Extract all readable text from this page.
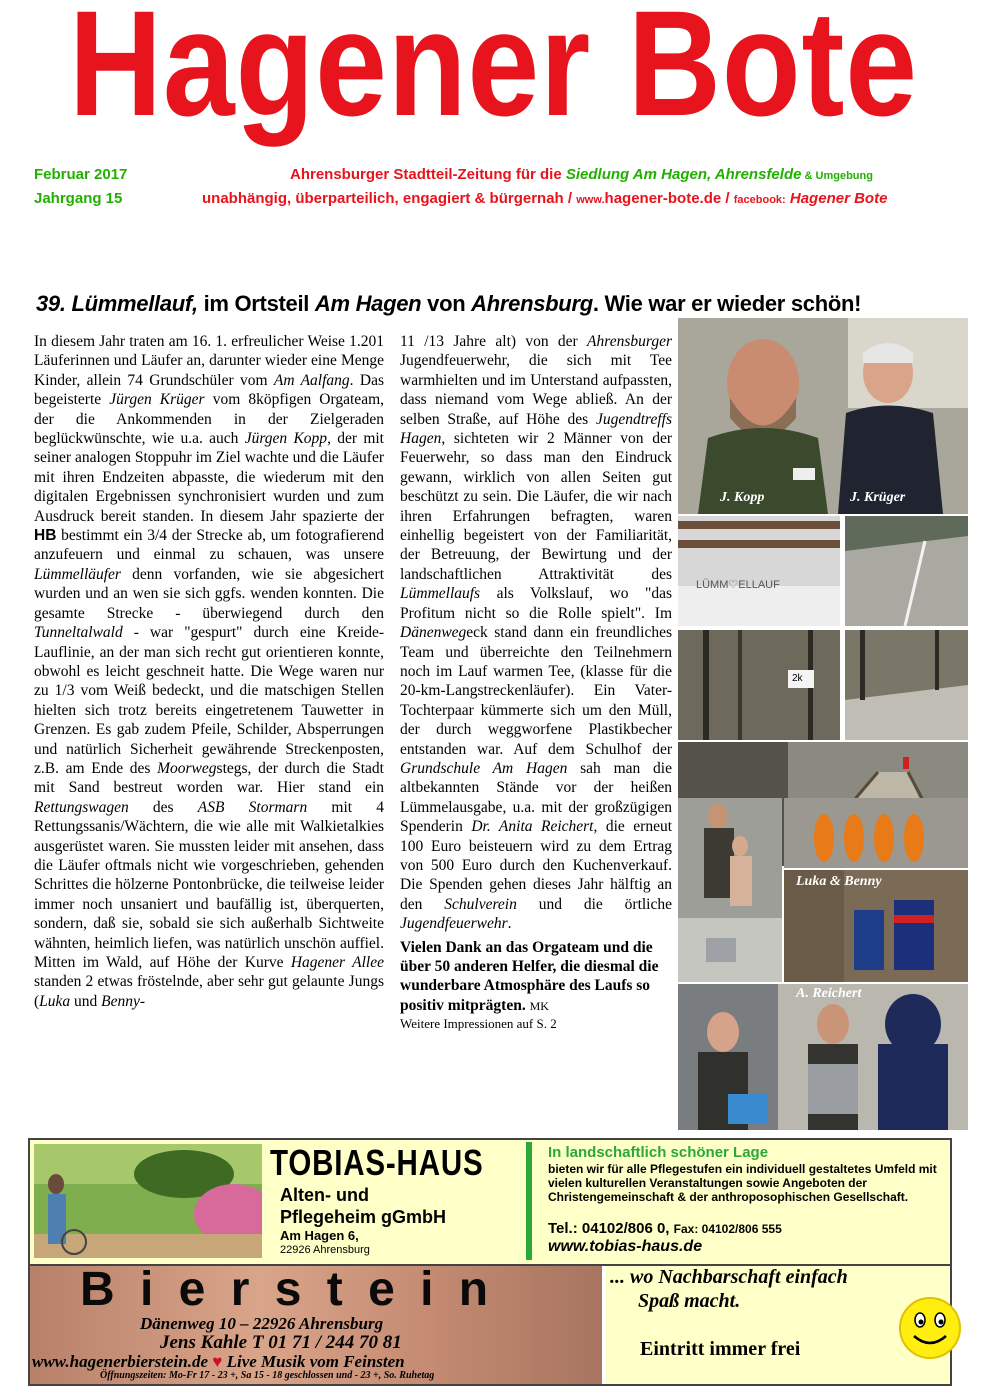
Hagener Bote
Februar 2017
Jahrgang 15
Ahrensburger Stadtteil-Zeitung für die Siedlung Am Hagen, Ahrensfelde & Umgebung
unabhängig, überparteilich, engagiert & bürgernah / www.hagener-bote.de / facebook: Hagener Bote
39. Lümmellauf, im Ortsteil Am Hagen von Ahrensburg. Wie war er wieder schön!

In diesem Jahr traten am 16. 1. erfreulicher Weise 1.201 Läuferinnen und Läufer an, darunter wieder eine Menge Kinder, allein 74 Grundschüler vom Am Aalfang. Das begeisterte Jürgen Krüger vom 8köpfigen Orgateam, der die Ankommenden in der Zielgeraden beglückwünschte, wie u.a. auch Jürgen Kopp, der mit seiner analogen Stoppuhr im Ziel wachte und die Läufer mit ihren Endzeiten abpasste, die wiederum mit den digitalen Ergebnissen synchronisiert wurden und zum Ausdruck bereit standen. In diesem Jahr spazierte der HB bestimmt ein 3/4 der Strecke ab, um fotografierend anzufeuern und einmal zu schauen, was unsere Lümmelläufer denn vorfanden, wie sie abgesichert wurden und an wen sie sich ggfs. wenden konnten. Die gesamte Strecke - überwiegend durch den Tunneltalwald - war "gespurt" durch eine Kreide-Lauflinie, an der man sich recht gut orientieren konnte, obwohl es leicht geschneit hatte. Die Wege waren nur zu 1/3 vom Weiß bedeckt, und die matschigen Stellen hielten sich trotz bereits eingetretenem Tauwetter in Grenzen. Es gab zudem Pfeile, Schilder, Absperrungen und natürlich Sicherheit gewährende Streckenposten, z.B. am Ende des Moorwegstegs, der durch die Stadt mit Sand bestreut worden war. Hier stand ein Rettungswagen des ASB Stormarn mit 4 Rettungssanis/Wächtern, die wie alle mit Walkietalkies ausgerüstet waren. Sie mussten leider mit ansehen, dass die Läufer oftmals nicht wie vorgeschrieben, gehenden Schrittes die hölzerne Pontonbrücke, die teilweise leider immer noch unsaniert und baufällig ist, überquerten, sondern, daß sie, sobald sie sich außerhalb Sichtweite wähnten, heimlich liefen, was natürlich unschön auffiel. Mitten im Wald, auf Höhe der Kurve Hagener Allee standen 2 etwas fröstelnde, aber sehr gut gelaunte Jungs (Luka und Benny-

11 /13 Jahre alt) von der Ahrensburger Jugendfeuerwehr, die sich mit Tee warmhielten und im Unterstand aufpassten, dass niemand vom Wege abließ. An der selben Straße, auf Höhe des Jugendtreffs Hagen, sichteten wir 2 Männer von der Feuerwehr, so dass man den Eindruck gewann, wirklich von allen Seiten gut beschützt zu sein. Die Läufer, die wir nach ihren Erfahrungen befragten, waren einhellig begeistert von der Familiarität, der Betreuung, der Bewirtung und der landschaftlichen Attraktivität des Lümmellaufs als Volkslauf, wo "das Profitum nicht so die Rolle spielt". Im Dänenwegeck stand dann ein freundliches Team und überreichte den Teilnehmern noch im Lauf warmen Tee, (klasse für die 20-km-Langstreckenläufer). Ein Vater-Tochterpaar kümmerte sich um den Müll, der durch weggworfene Plastikbecher entstanden war. Auf dem Schulhof der Grundschule Am Hagen sah man die altbekannten Stände vor der heißen Lümmelausgabe, u.a. mit der großzügigen Spenderin Dr. Anita Reichert, die erneut 100 Euro beisteuern wird zu dem Ertrag von 500 Euro durch den Kuchenverkauf. Die Spenden gehen dieses Jahr hälftig an den Schulverein und die örtliche Jugendfeuerwehr.

Vielen Dank an das Orgateam und die über 50 anderen Helfer, die diesmal die wunderbare Atmosphäre des Laufs so positiv mitprägten. MK

Weitere Impressionen auf S. 2

J. Kopp	J. Krüger
LÜMM♡ELLAUF
2k
Luka & Benny
A. Reichert
TOBIAS-HAUS
Alten- und
Pflegeheim gGmbH
Am Hagen 6,
22926 Ahrensburg
In landschaftlich schöner Lage
bieten wir für alle Pflegestufen ein individuell gestaltetes Umfeld mit vielen kulturellen Veranstaltungen sowie Angeboten der Christengemeinschaft & der anthroposophischen Gesellschaft.
Tel.: 04102/806 0, Fax: 04102/806 555
www.tobias-haus.de
B i e r s t e i n
Dänenweg 10 – 22926 Ahrensburg
Jens Kahle T 01 71 / 244 70 81
www.hagenerbierstein.de ♥ Live Musik vom Feinsten
Öffnungszeiten: Mo-Fr 17 - 23 +, Sa 15 - 18 geschlossen und - 23 +, So. Ruhetag
... wo Nachbarschaft einfach
Spaß macht.
Eintritt immer frei
